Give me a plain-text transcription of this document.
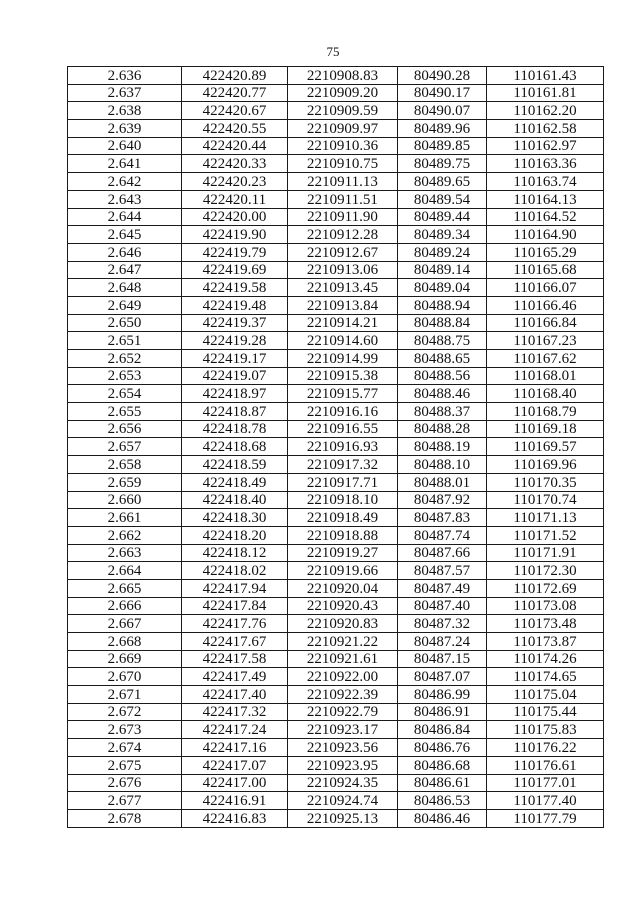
75
2.636	422420.89	2210908.83	80490.28	110161.43
2.637	422420.77	2210909.20	80490.17	110161.81
2.638	422420.67	2210909.59	80490.07	110162.20
2.639	422420.55	2210909.97	80489.96	110162.58
2.640	422420.44	2210910.36	80489.85	110162.97
2.641	422420.33	2210910.75	80489.75	110163.36
2.642	422420.23	2210911.13	80489.65	110163.74
2.643	422420.11	2210911.51	80489.54	110164.13
2.644	422420.00	2210911.90	80489.44	110164.52
2.645	422419.90	2210912.28	80489.34	110164.90
2.646	422419.79	2210912.67	80489.24	110165.29
2.647	422419.69	2210913.06	80489.14	110165.68
2.648	422419.58	2210913.45	80489.04	110166.07
2.649	422419.48	2210913.84	80488.94	110166.46
2.650	422419.37	2210914.21	80488.84	110166.84
2.651	422419.28	2210914.60	80488.75	110167.23
2.652	422419.17	2210914.99	80488.65	110167.62
2.653	422419.07	2210915.38	80488.56	110168.01
2.654	422418.97	2210915.77	80488.46	110168.40
2.655	422418.87	2210916.16	80488.37	110168.79
2.656	422418.78	2210916.55	80488.28	110169.18
2.657	422418.68	2210916.93	80488.19	110169.57
2.658	422418.59	2210917.32	80488.10	110169.96
2.659	422418.49	2210917.71	80488.01	110170.35
2.660	422418.40	2210918.10	80487.92	110170.74
2.661	422418.30	2210918.49	80487.83	110171.13
2.662	422418.20	2210918.88	80487.74	110171.52
2.663	422418.12	2210919.27	80487.66	110171.91
2.664	422418.02	2210919.66	80487.57	110172.30
2.665	422417.94	2210920.04	80487.49	110172.69
2.666	422417.84	2210920.43	80487.40	110173.08
2.667	422417.76	2210920.83	80487.32	110173.48
2.668	422417.67	2210921.22	80487.24	110173.87
2.669	422417.58	2210921.61	80487.15	110174.26
2.670	422417.49	2210922.00	80487.07	110174.65
2.671	422417.40	2210922.39	80486.99	110175.04
2.672	422417.32	2210922.79	80486.91	110175.44
2.673	422417.24	2210923.17	80486.84	110175.83
2.674	422417.16	2210923.56	80486.76	110176.22
2.675	422417.07	2210923.95	80486.68	110176.61
2.676	422417.00	2210924.35	80486.61	110177.01
2.677	422416.91	2210924.74	80486.53	110177.40
2.678	422416.83	2210925.13	80486.46	110177.79
